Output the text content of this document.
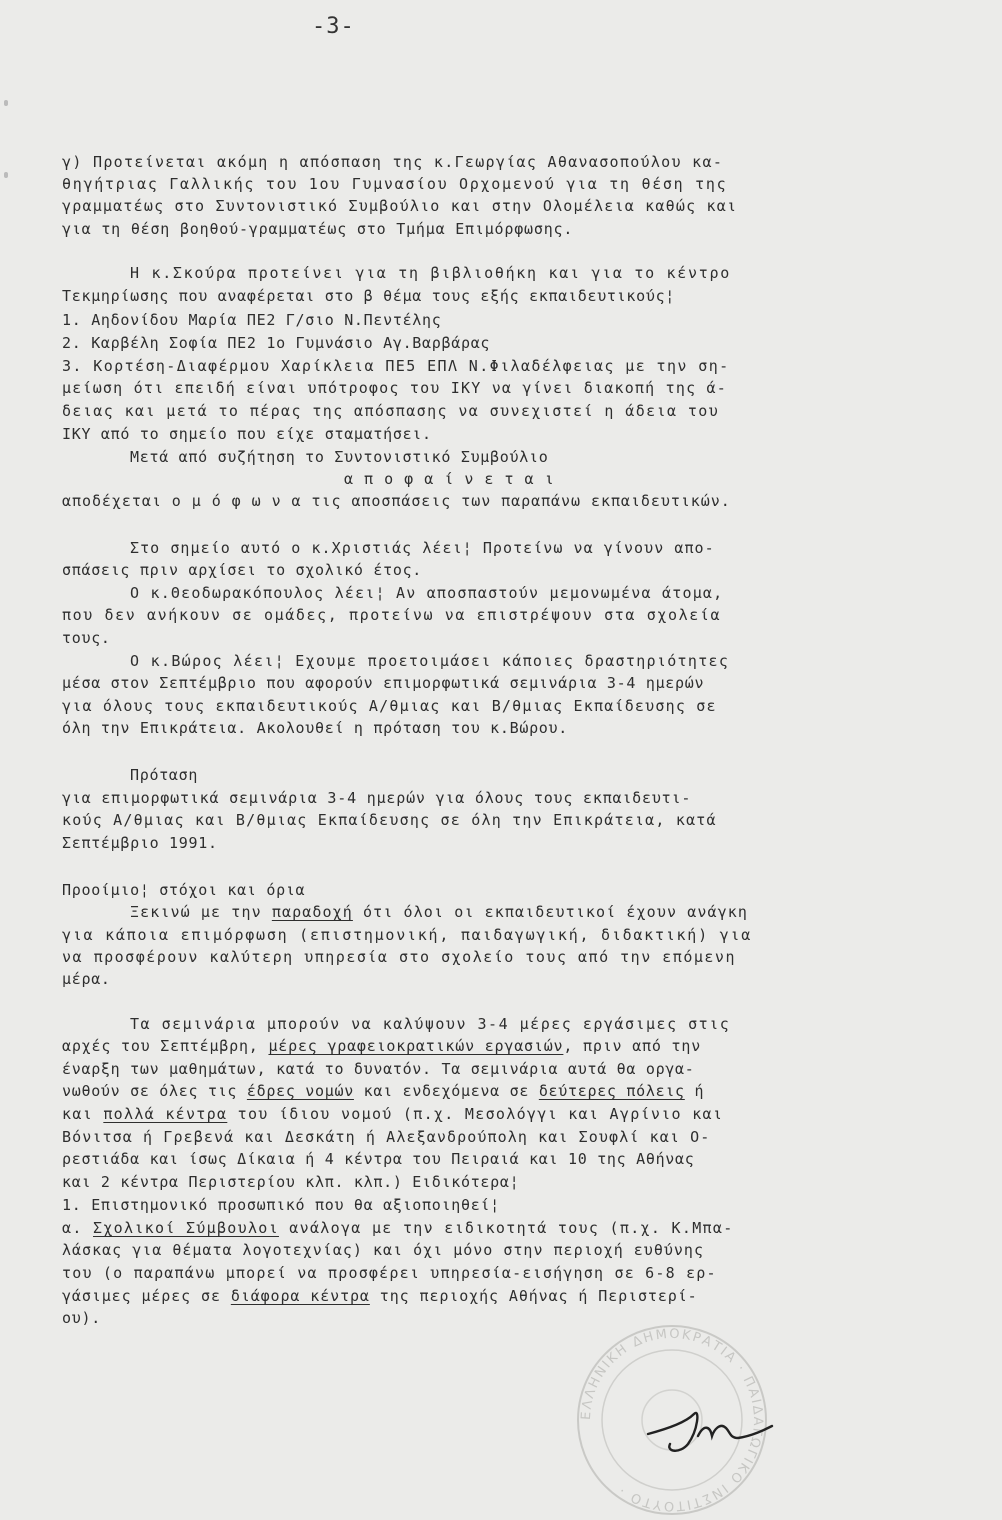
-3-
γ) Προτείνεται ακόμη η απόσπαση της κ.Γεωργίας Αθανασοπούλου κα-
θηγήτριας Γαλλικής του 1ου Γυμνασίου Ορχομενού για τη θέση της
γραμματέως στο Συντονιστικό Συμβούλιο και στην Ολομέλεια καθώς και
για τη θέση βοηθού-γραμματέως στο Τμήμα Επιμόρφωσης.
Η κ.Σκούρα προτείνει για τη βιβλιοθήκη και για το κέντρο
Τεκμηρίωσης που αναφέρεται στο β θέμα τους εξής εκπαιδευτικούς¦
1. Αηδονίδου Μαρία ΠΕ2 Γ/σιο Ν.Πεντέλης
2. Καρβέλη Σοφία ΠΕ2 1ο Γυμνάσιο Αγ.Βαρβάρας
3. Κορτέση-Διαφέρμου Χαρίκλεια ΠΕ5 ΕΠΛ Ν.Φιλαδέλφειας με την ση-
μείωση ότι επειδή είναι υπότροφος του ΙΚΥ να γίνει διακοπή της ά-
δειας και μετά το πέρας της απόσπασης να συνεχιστεί η άδεια του
ΙΚΥ από το σημείο που είχε σταματήσει.
Μετά από συζήτηση το Συντονιστικό Συμβούλιο
α π ο φ α ί ν ε τ α ι
αποδέχεται ο μ ό φ ω ν α τις αποσπάσεις των παραπάνω εκπαιδευτικών.
Στο σημείο αυτό ο κ.Χριστιάς λέει¦ Προτείνω να γίνουν απο-
σπάσεις πριν αρχίσει το σχολικό έτος.
Ο κ.Θεοδωρακόπουλος λέει¦ Αν αποσπαστούν μεμονωμένα άτομα,
που δεν ανήκουν σε ομάδες, προτείνω να επιστρέψουν στα σχολεία
τους.
Ο κ.Βώρος λέει¦ Εχουμε προετοιμάσει κάποιες δραστηριότητες
μέσα στον Σεπτέμβριο που αφορούν επιμορφωτικά σεμινάρια 3-4 ημερών
για όλους τους εκπαιδευτικούς Α/θμιας και Β/θμιας Εκπαίδευσης σε
όλη την Επικράτεια. Ακολουθεί η πρόταση του κ.Βώρου.
Πρόταση
για επιμορφωτικά σεμινάρια 3-4 ημερών για όλους τους εκπαιδευτι-
κούς Α/θμιας και Β/θμιας Εκπαίδευσης σε όλη την Επικράτεια, κατά
Σεπτέμβριο 1991.
Προοίμιο¦ στόχοι και όρια
Ξεκινώ με την παραδοχή ότι όλοι οι εκπαιδευτικοί έχουν ανάγκη
για κάποια επιμόρφωση (επιστημονική, παιδαγωγική, διδακτική) για
να προσφέρουν καλύτερη υπηρεσία στο σχολείο τους από την επόμενη
μέρα.
Τα σεμινάρια μπορούν να καλύψουν 3-4 μέρες εργάσιμες στις
αρχές του Σεπτέμβρη, μέρες γραφειοκρατικών εργασιών, πριν από την
έναρξη των μαθημάτων, κατά το δυνατόν. Τα σεμινάρια αυτά θα οργα-
νωθούν σε όλες τις έδρες νομών και ενδεχόμενα σε δεύτερες πόλεις ή
και πολλά κέντρα του ίδιου νομού (π.χ. Μεσολόγγι και Αγρίνιο και
Βόνιτσα ή Γρεβενά και Δεσκάτη ή Αλεξανδρούπολη και Σουφλί και Ο-
ρεστιάδα και ίσως Δίκαια ή 4 κέντρα του Πειραιά και 10 της Αθήνας
και 2 κέντρα Περιστερίου κλπ. κλπ.) Ειδικότερα¦
1. Επιστημονικό προσωπικό που θα αξιοποιηθεί¦
α. Σχολικοί Σύμβουλοι ανάλογα με την ειδικοτητά τους (π.χ. Κ.Μπα-
λάσκας για θέματα λογοτεχνίας) και όχι μόνο στην περιοχή ευθύνης
του (ο παραπάνω μπορεί να προσφέρει υπηρεσία-εισήγηση σε 6-8 ερ-
γάσιμες μέρες σε διάφορα κέντρα της περιοχής Αθήνας ή Περιστερί-
ου).
ΕΛΛΗΝΙΚΗ ΔΗΜΟΚΡΑΤΙΑ · ΠΑΙΔΑΓΩΓΙΚΟ ΙΝΣΤΙΤΟΥΤΟ ·
